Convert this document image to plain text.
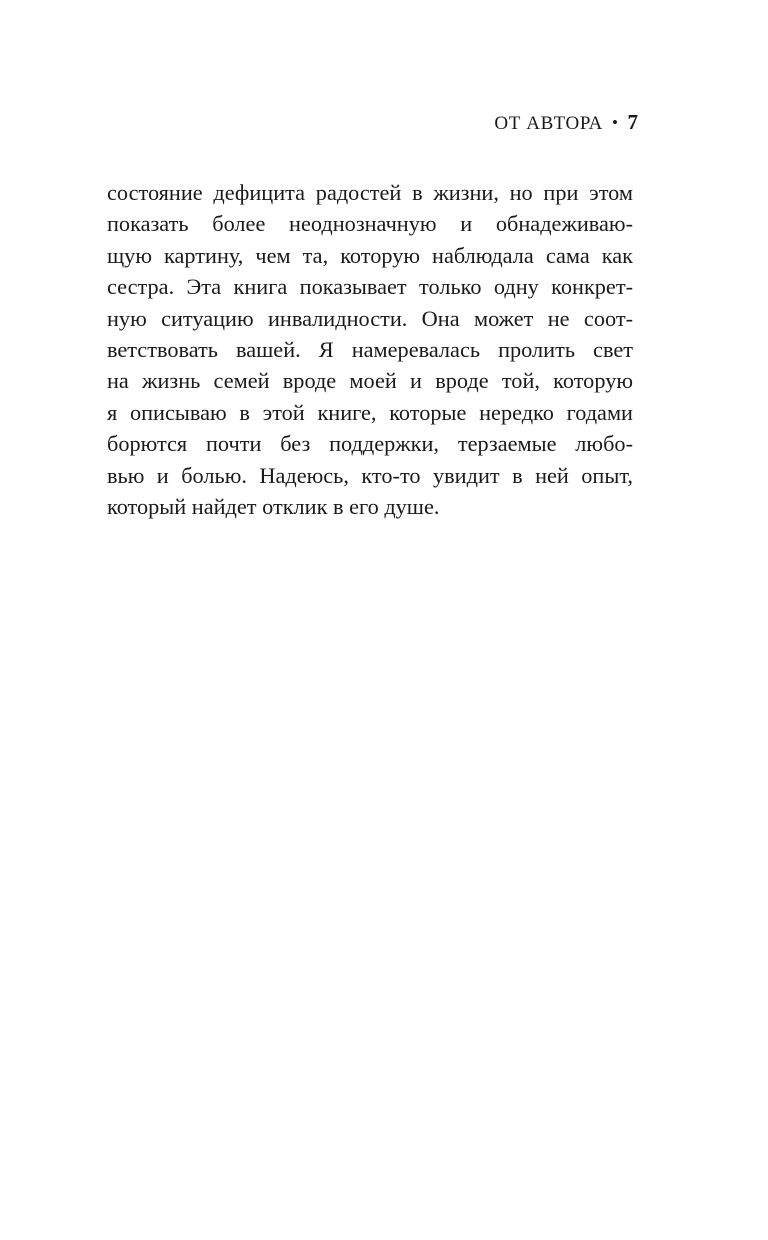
ОТ АВТОРА • 7
состояние дефицита радостей в жизни, но при этом
показать более неоднозначную и обнадеживаю-
щую картину, чем та, которую наблюдала сама как
сестра. Эта книга показывает только одну конкрет-
ную ситуацию инвалидности. Она может не соот-
ветствовать вашей. Я намеревалась пролить свет
на жизнь семей вроде моей и вроде той, которую
я описываю в этой книге, которые нередко годами
борются почти без поддержки, терзаемые любо-
вью и болью. Надеюсь, кто-то увидит в ней опыт,
который найдет отклик в его душе.
